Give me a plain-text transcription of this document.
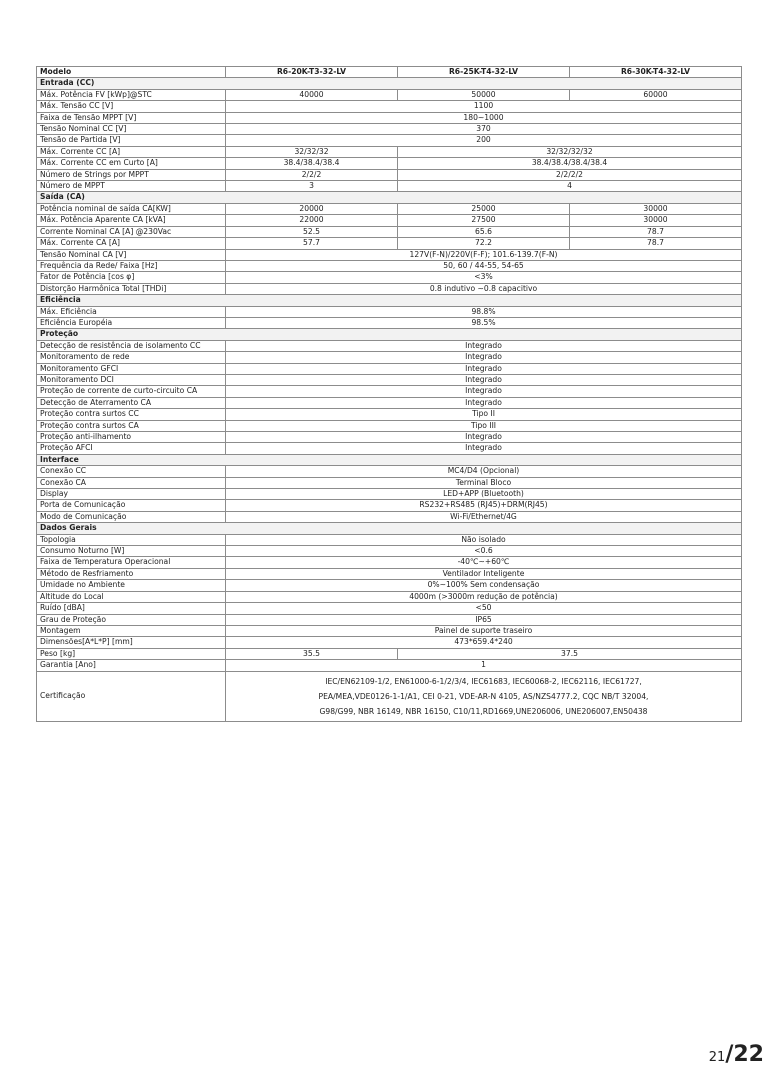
Modelo	R6-20K-T3-32-LV	R6-25K-T4-32-LV	R6-30K-T4-32-LV
Entrada (CC)			
Máx. Potência FV [kWp]@STC	40000	50000	60000
Máx. Tensão CC [V]	1100		
Faixa de Tensão MPPT [V]	180~1000		
Tensão Nominal CC [V]	370		
Tensão de Partida [V]	200		
Máx. Corrente CC [A]	32/32/32	32/32/32/32	
Máx. Corrente CC em Curto [A]	38.4/38.4/38.4	38.4/38.4/38.4/38.4	
Número de Strings por MPPT	2/2/2	2/2/2/2	
Número de MPPT	3	4	
Saída (CA)			
Potência nominal de saída CA[KW]	20000	25000	30000
Máx. Potência Aparente CA [kVA]	22000	27500	30000
Corrente Nominal CA [A] @230Vac	52.5	65.6	78.7
Máx. Corrente CA [A]	57.7	72.2	78.7
Tensão Nominal CA [V]	127V(F-N)/220V(F-F); 101.6-139.7(F-N)		
Frequência da Rede/ Faixa [Hz]	50, 60 / 44-55, 54-65		
Fator de Potência [cos φ]	<3%		
Distorção Harmônica Total [THDi]	0.8 indutivo ~0.8 capacitivo		
Eficiência			
Máx. Eficiência	98.8%		
Eficiência Européia	98.5%		
Proteção			
Detecção de resistência de isolamento CC	Integrado		
Monitoramento de rede	Integrado		
Monitoramento GFCI	Integrado		
Monitoramento DCI	Integrado		
Proteção de corrente de curto-circuito CA	Integrado		
Detecção de Aterramento CA	Integrado		
Proteção contra surtos CC	Tipo II		
Proteção contra surtos CA	Tipo III		
Proteção anti-ilhamento	Integrado		
Proteção AFCI	Integrado		
Interface			
Conexão CC	MC4/D4 (Opcional)		
Conexão CA	Terminal Bloco		
Display	LED+APP (Bluetooth)		
Porta de Comunicação	RS232+RS485 (RJ45)+DRM(RJ45)		
Modo de Comunicação	Wi-Fi/Ethernet/4G		
Dados Gerais			
Topologia	Não isolado		
Consumo Noturno [W]	<0.6		
Faixa de Temperatura Operacional	-40℃~+60℃		
Método de Resfriamento	Ventilador Inteligente		
Umidade no Ambiente	0%~100% Sem condensação		
Altitude do Local	4000m (>3000m redução de potência)		
Ruído [dBA]	<50		
Grau de Proteção	IP65		
Montagem	Painel de suporte traseiro		
Dimensões[A*L*P] [mm]	473*659.4*240		
Peso [kg]	35.5	37.5	
Garantia [Ano]	1		
Certificação	IEC/EN62109-1/2, EN61000-6-1/2/3/4, IEC61683, IEC60068-2, IEC62116, IEC61727,
PEA/MEA,VDE0126-1-1/A1, CEI 0-21, VDE-AR-N 4105, AS/NZS4777.2, CQC NB/T 32004,
G98/G99, NBR 16149, NBR 16150, C10/11,RD1669,UNE206006, UNE206007,EN50438		
21/22
